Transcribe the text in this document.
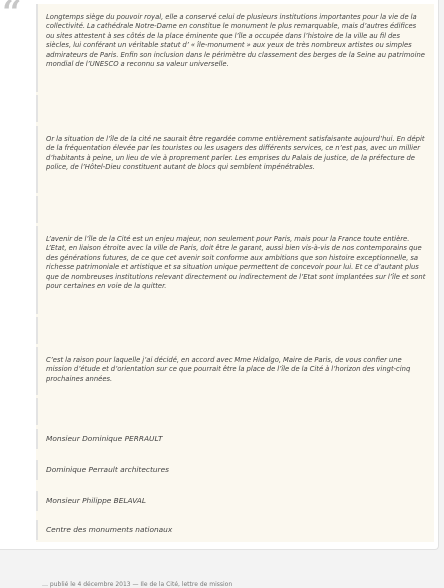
“	Longtemps siège du pouvoir royal, elle a conservé celui de plusieurs institutions importantes pour la vie de la collectivité. La cathédrale Notre-Dame en constitue le monument le plus remarquable, mais d’autres édifices ou sites attestent à ses côtés de la place éminente que l’île a occupée dans l’histoire de la ville au fil des siècles, lui conférant un véritable statut d’ « île-monument » aux yeux de très nombreux artistes ou simples admirateurs de Paris. Enfin son inclusion dans le périmètre du classement des berges de la Seine au patrimoine mondial de l’UNESCO a reconnu sa valeur universelle.

Or la situation de l’île de la cité ne saurait être regardée comme entièrement satisfaisante aujourd’hui. En dépit de la fréquentation élevée par les touristes ou les usagers des différents services, ce n’est pas, avec un millier d’habitants à peine, un lieu de vie à proprement parler. Les emprises du Palais de justice, de la préfecture de police, de l’Hôtel-Dieu constituent autant de blocs qui semblent impénétrables.

L’avenir de l’île de la Cité est un enjeu majeur, non seulement pour Paris, mais pour la France toute entière. L’Etat, en liaison étroite avec la ville de Paris, doit être le garant, aussi bien vis-à-vis de nos contemporains que des générations futures, de ce que cet avenir soit conforme aux ambitions que son histoire exceptionnelle, sa richesse patrimoniale et artistique et sa situation unique permettent de concevoir pour lui. Et ce d’autant plus que de nombreuses institutions relevant directement ou indirectement de l’Etat sont implantées sur l’île et sont pour certaines en voie de la quitter.

C’est la raison pour laquelle j’ai décidé, en accord avec Mme Hidalgo, Maire de Paris, de vous confier une mission d’étude et d’orientation sur ce que pourrait être la place de l’île de la Cité à l’horizon des vingt-cinq prochaines années.

Monsieur Dominique PERRAULT
Dominique Perrault architectures
Monsieur Philippe BELAVAL
Centre des monuments nationaux
… publié le 4 décembre 2013 — Île de la Cité, lettre de mission
